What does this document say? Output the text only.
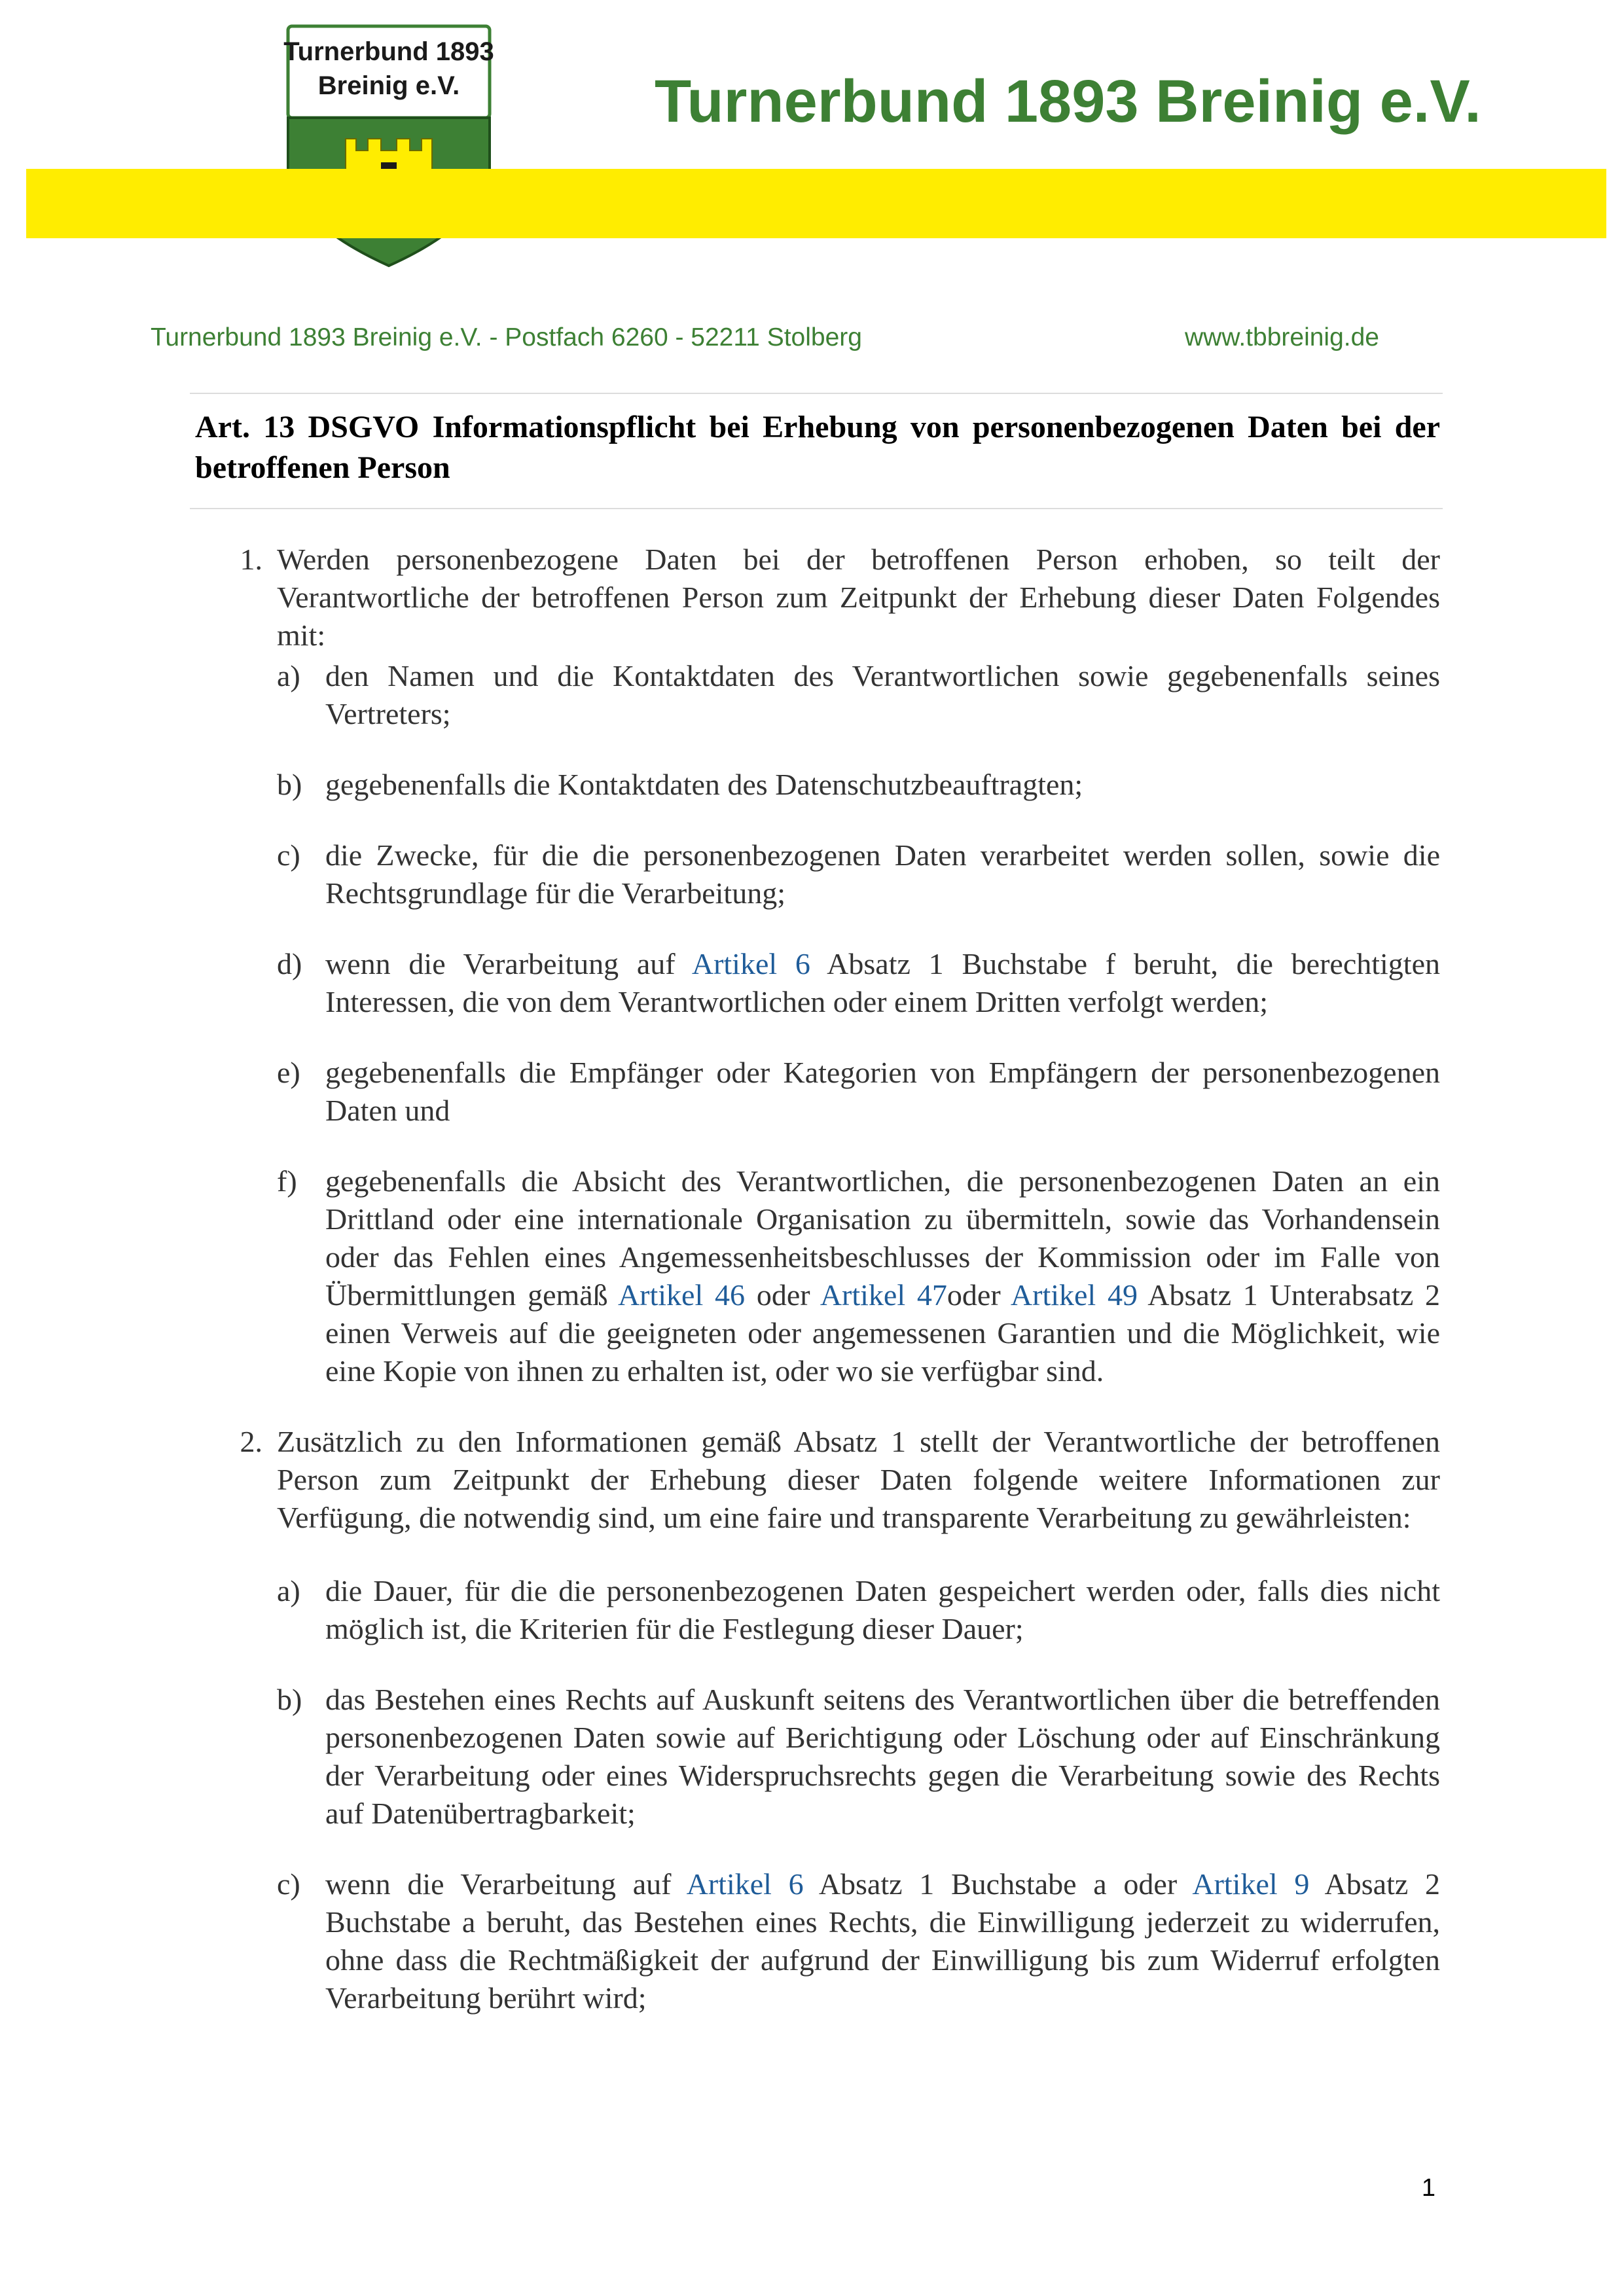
Turnerbund 1893
Breinig e.V.	Turnerbund 1893 Breinig e.V.
Turnerbund 1893 Breinig e.V. - Postfach 6260 - 52211 Stolberg	www.tbbreinig.de
Art. 13 DSGVO Informationspflicht bei Erhebung von personenbezogenen Daten bei der betroffenen Person
1. Werden personenbezogene Daten bei der betroffenen Person erhoben, so teilt der Verantwortliche der betroffenen Person zum Zeitpunkt der Erhebung dieser Daten Folgendes mit:
a) den Namen und die Kontaktdaten des Verantwortlichen sowie gegebenenfalls seines Vertreters;
b) gegebenenfalls die Kontaktdaten des Datenschutzbeauftragten;
c) die Zwecke, für die die personenbezogenen Daten verarbeitet werden sollen, sowie die Rechtsgrundlage für die Verarbeitung;
d) wenn die Verarbeitung auf Artikel 6 Absatz 1 Buchstabe f beruht, die berechtigten Interessen, die von dem Verantwortlichen oder einem Dritten verfolgt werden;
e) gegebenenfalls die Empfänger oder Kategorien von Empfängern der personenbezogenen Daten und
f) gegebenenfalls die Absicht des Verantwortlichen, die personenbezogenen Daten an ein Drittland oder eine internationale Organisation zu übermitteln, sowie das Vorhandensein oder das Fehlen eines Angemessenheitsbeschlusses der Kommission oder im Falle von Übermittlungen gemäß Artikel 46 oder Artikel 47oder Artikel 49 Absatz 1 Unterabsatz 2 einen Verweis auf die geeigneten oder angemessenen Garantien und die Möglichkeit, wie eine Kopie von ihnen zu erhalten ist, oder wo sie verfügbar sind.
2. Zusätzlich zu den Informationen gemäß Absatz 1 stellt der Verantwortliche der betroffenen Person zum Zeitpunkt der Erhebung dieser Daten folgende weitere Informationen zur Verfügung, die notwendig sind, um eine faire und transparente Verarbeitung zu gewährleisten:
a) die Dauer, für die die personenbezogenen Daten gespeichert werden oder, falls dies nicht möglich ist, die Kriterien für die Festlegung dieser Dauer;
b) das Bestehen eines Rechts auf Auskunft seitens des Verantwortlichen über die betreffenden personenbezogenen Daten sowie auf Berichtigung oder Löschung oder auf Einschränkung der Verarbeitung oder eines Widerspruchsrechts gegen die Verarbeitung sowie des Rechts auf Datenübertragbarkeit;
c) wenn die Verarbeitung auf Artikel 6 Absatz 1 Buchstabe a oder Artikel 9 Absatz 2 Buchstabe a beruht, das Bestehen eines Rechts, die Einwilligung jederzeit zu widerrufen, ohne dass die Rechtmäßigkeit der aufgrund der Einwilligung bis zum Widerruf erfolgten Verarbeitung berührt wird;
1
